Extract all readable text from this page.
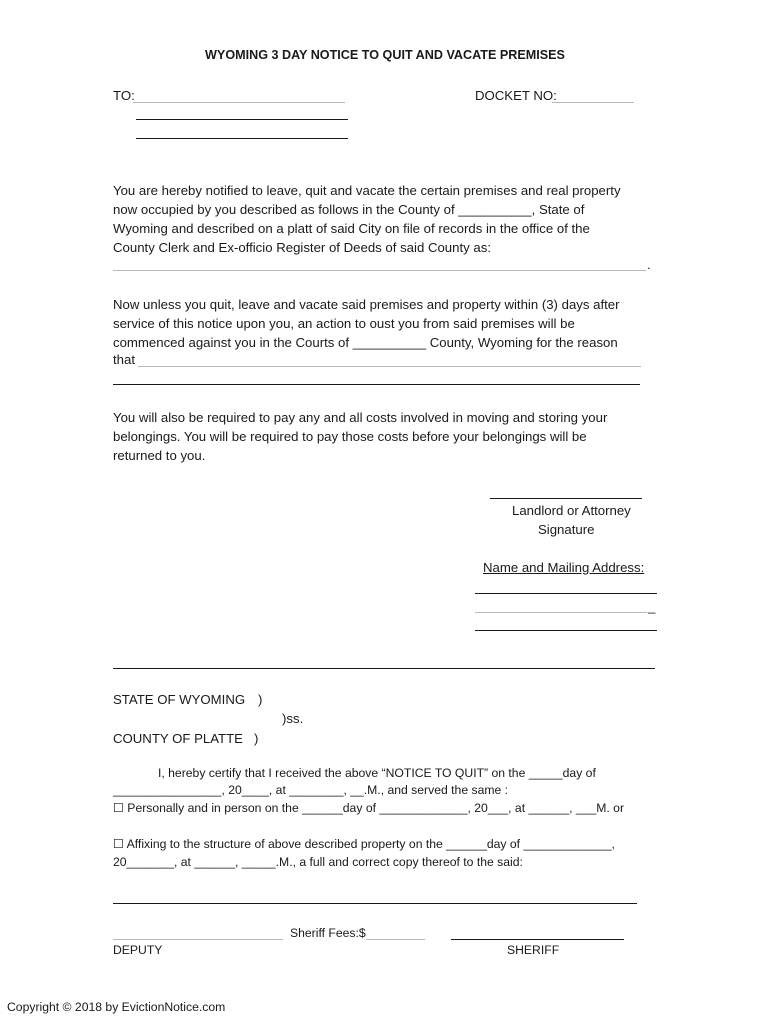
WYOMING 3 DAY NOTICE TO QUIT AND VACATE PREMISES
TO:	DOCKET NO:
You are hereby notified to leave, quit and vacate the certain premises and real property
now occupied by you described as follows in the County of __________, State of
Wyoming and described on a platt of said City on file of records in the office of the
County Clerk and Ex-officio Register of Deeds of said County as:
.
Now unless you quit, leave and vacate said premises and property within (3) days after
service of this notice upon you, an action to oust you from said premises will be
commenced against you in the Courts of __________ County, Wyoming for the reason
that
You will also be required to pay any and all costs involved in moving and storing your
belongings. You will be required to pay those costs before your belongings will be
returned to you.
Landlord or Attorney
Signature
Name and Mailing Address:
_
STATE OF WYOMING )
)ss.
COUNTY OF PLATTE )
I, hereby certify that I received the above “NOTICE TO QUIT” on the _____day of
________________, 20____, at ________, __.M., and served the same :
☐ Personally and in person on the ______day of _____________, 20___, at ______, ___M. or
☐ Affixing to the structure of above described property on the ______day of _____________,
20_______, at ______, _____.M., a full and correct copy thereof to the said:
Sheriff Fees:$
DEPUTY	SHERIFF
Copyright © 2018 by EvictionNotice.com
